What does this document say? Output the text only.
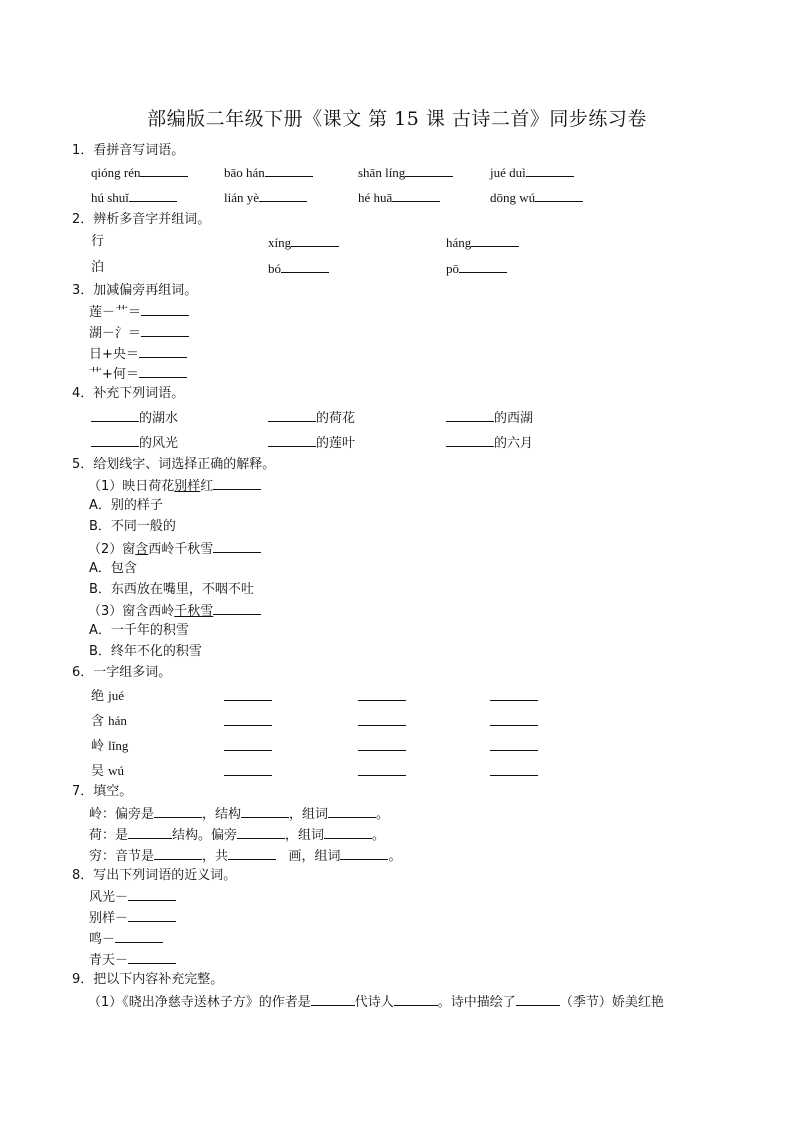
部编版二年级下册《课文 第 15 课 古诗二首》同步练习卷
1．看拼音写词语。
qióng rén	bāo hán	shān líng	jué duì
hú shuǐ	lián yè	hé huā	dōng wú
2．辨析多音字并组词。
行	xíng	háng
泊	bó	pō
3．加减偏旁再组词。
莲－艹＝
湖－氵＝
日+央＝
艹+何＝
4．补充下列词语。
的湖水	的荷花	的西湖
的风光	的莲叶	的六月
5．给划线字、词选择正确的解释。
（1）映日荷花别样红
A．别的样子
B．不同一般的
（2）窗含西岭千秋雪
A．包含
B．东西放在嘴里，不咽不吐
（3）窗含西岭千秋雪
A．一千年的积雪
B．终年不化的积雪
6．一字组多词。
绝 jué
含 hán
岭 lǐng
吴 wú
7．填空。
岭：偏旁是	，结构	，组词	。
荷：是	结构。偏旁	，组词	。
穷：音节是	，共	画，组词	。
8．写出下列词语的近义词。
风光－
别样－
鸣－
青天－
9．把以下内容补充完整。
（1）《晓出净慈寺送林子方》的作者是	代诗人	。诗中描绘了	（季节）娇美红艳
